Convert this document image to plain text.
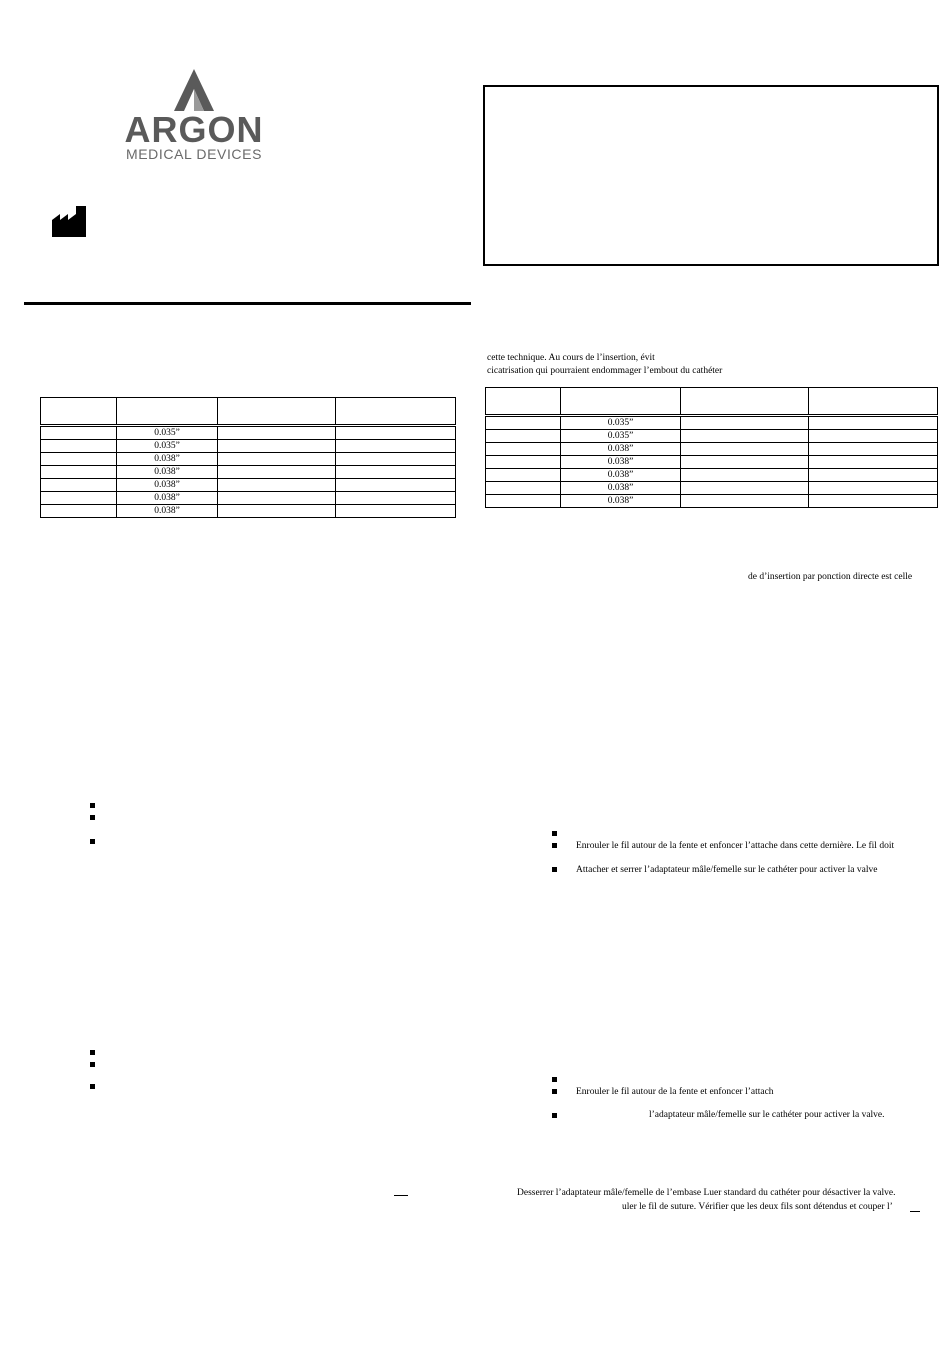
ARGON
MEDICAL DEVICES
cette technique. Au cours de l’insertion, évit
cicatrisation qui pourraient endommager l’embout du cathéter

	0.035”		
	0.035”		
	0.038”		
	0.038”		
	0.038”		
	0.038”		
	0.038”		

	0.035”		
	0.035”		
	0.038”		
	0.038”		
	0.038”		
	0.038”		
	0.038”		
de d’insertion par ponction directe est celle
Enrouler le fil autour de la fente et enfoncer l’attache dans cette dernière. Le fil doit
Attacher et serrer l’adaptateur mâle/femelle sur le cathéter pour activer la valve
Enrouler le fil autour de la fente et enfoncer l’attach
l’adaptateur mâle/femelle sur le cathéter pour activer la valve.
Desserrer l’adaptateur mâle/femelle de l’embase Luer standard du cathéter pour désactiver la valve.
uler le fil de suture. Vérifier que les deux fils sont détendus et couper l’
